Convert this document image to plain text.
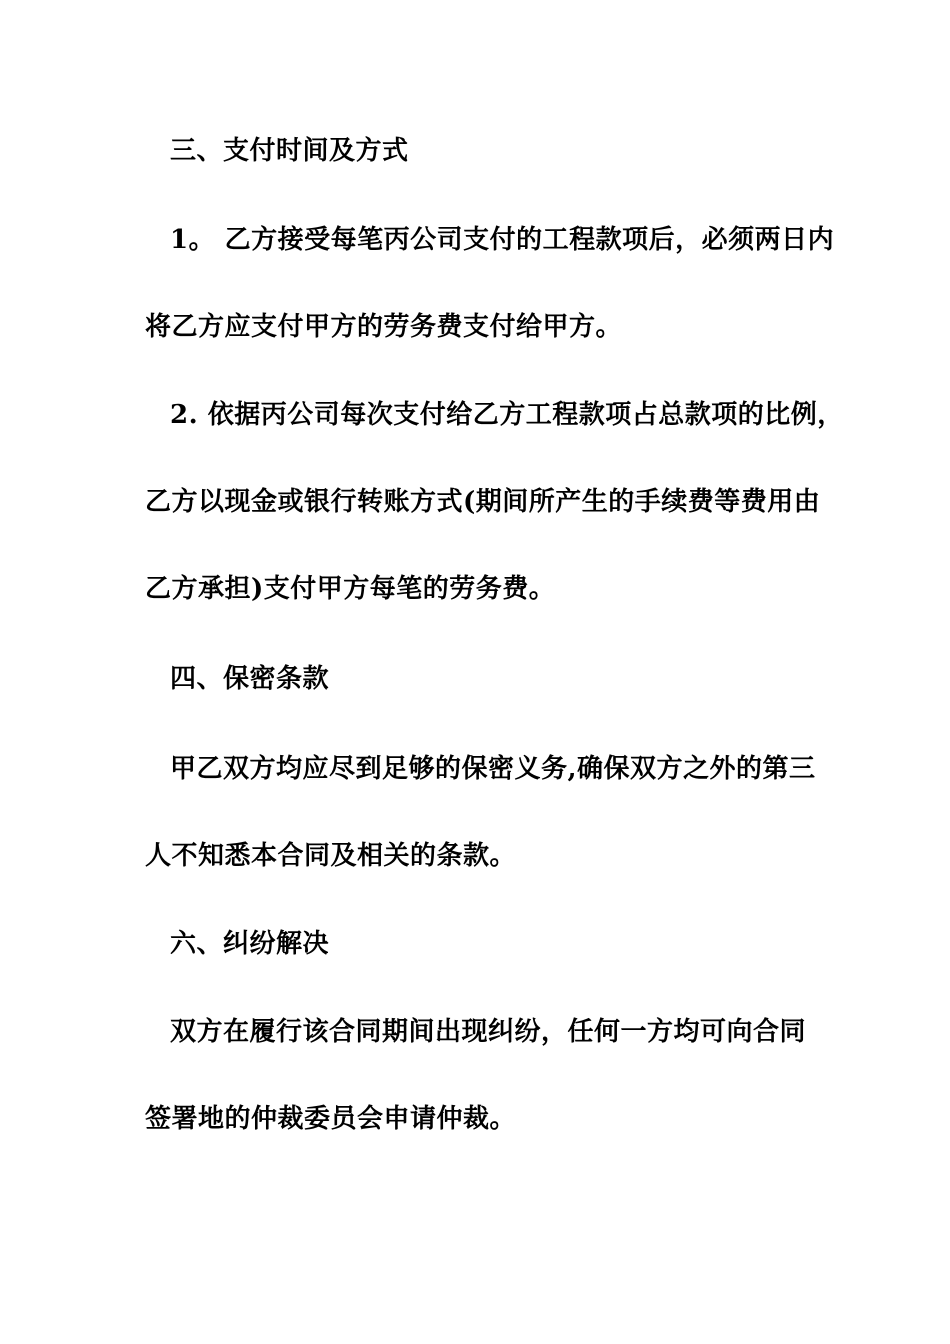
三、支付时间及方式
1。 乙方接受每笔丙公司支付的工程款项后，必须两日内
将乙方应支付甲方的劳务费支付给甲方。
2. 依据丙公司每次支付给乙方工程款项占总款项的比例，
乙方以现金或银行转账方式(期间所产生的手续费等费用由
乙方承担)支付甲方每笔的劳务费。
四、保密条款
甲乙双方均应尽到足够的保密义务,确保双方之外的第三
人不知悉本合同及相关的条款。
六、纠纷解决
双方在履行该合同期间出现纠纷，任何一方均可向合同
签署地的仲裁委员会申请仲裁。
